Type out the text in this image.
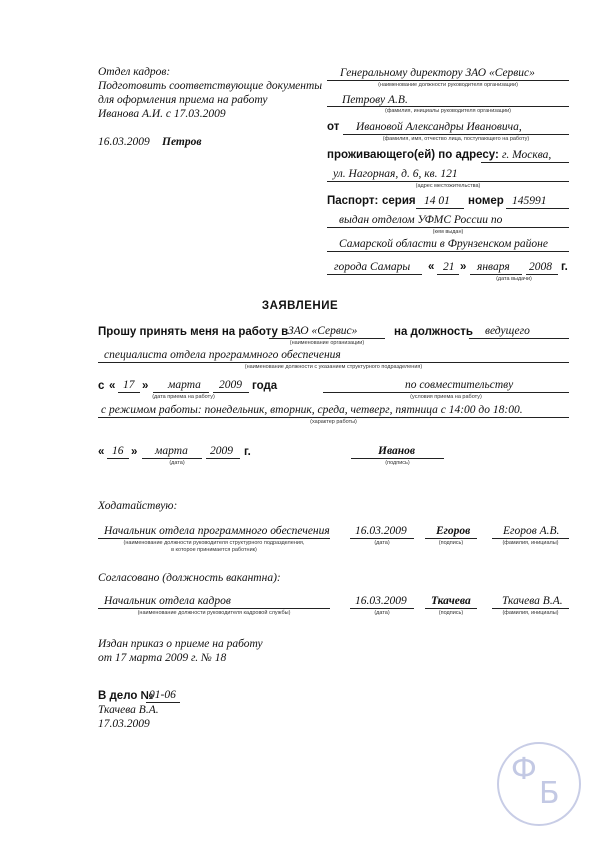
Отдел кадров:
Подготовить соответствующие документы
для оформления приема на работу
Иванова А.И. с 17.03.2009
16.03.2009 Петров
Генеральному директору ЗАО «Сервис»
(наименование должности руководителя организации)
Петрову А.В.
(фамилия, инициалы руководителя организации)
от Ивановой Александры Ивановича,
(фамилия, имя, отчество лица, поступающего на работу)
проживающего(ей) по адресу: г. Москва,
ул. Нагорная, д. 6, кв. 121
(адрес местожительства)
Паспорт: серия 14 01 номер 145991
выдан отделом УФМС России по
(кем выдан)
Самарской области в Фрунзенском районе
города Самары « 21 » января 2008 г.
(дата выдачи)
ЗАЯВЛЕНИЕ
Прошу принять меня на работу в ЗАО «Сервис»
(наименование организации)
на должность ведущего
специалиста отдела программного обеспечения
(наименование должности с указанием структурного подразделения)
с « 17 » марта 2009 года
(дата приема на работу)
по совместительству
(условия приема на работу)
с режимом работы: понедельник, вторник, среда, четверг, пятница с 14:00 до 18:00.
(характер работы)
« 16 » марта 2009 г.
(дата)
Иванов
(подпись)
Ходатайствую:
Начальник отдела программного обеспечения
(наименование должности руководителя структурного подразделения,
в которое принимается работник)
16.03.2009
(дата)
Егоров
(подпись)
Егоров А.В.
(фамилия, инициалы)
Согласовано (должность вакантна):
Начальник отдела кадров
(наименование должности руководителя кадровой службы)
16.03.2009
(дата)
Ткачева
(подпись)
Ткачева В.А.
(фамилия, инициалы)
Издан приказ о приеме на работу
от 17 марта 2009 г. № 18
В дело №
01-06
Ткачева В.А.
17.03.2009
Ф
Б
